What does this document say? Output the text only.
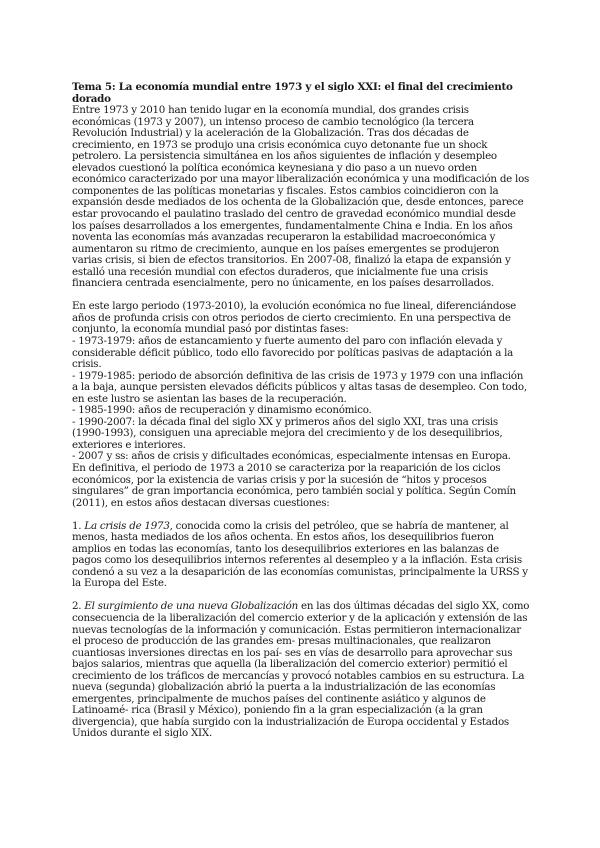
Tema 5: La economía mundial entre 1973 y el siglo XXI: el final del crecimiento dorado

Entre 1973 y 2010 han tenido lugar en la economía mundial, dos grandes crisis económicas (1973 y 2007), un intenso proceso de cambio tecnológico (la tercera Revolución Industrial) y la aceleración de la Globalización. Tras dos décadas de crecimiento, en 1973 se produjo una crisis económica cuyo detonante fue un shock petrolero. La persistencia simultánea en los años siguientes de inflación y desempleo elevados cuestionó la política económica keynesiana y dio paso a un nuevo orden económico caracterizado por una mayor liberalización económica y una modificación de los componentes de las políticas monetarias y fiscales. Estos cambios coincidieron con la expansión desde mediados de los ochenta de la Globalización que, desde entonces, parece estar provocando el paulatino traslado del centro de gravedad económico mundial desde los países desarrollados a los emergentes, fundamentalmente China e India. En los años noventa las economías más avanzadas recuperaron la estabilidad macroeconómica y aumentaron su ritmo de crecimiento, aunque en los países emergentes se produjeron varias crisis, si bien de efectos transitorios. En 2007-08, finalizó la etapa de expansión y estalló una recesión mundial con efectos duraderos, que inicialmente fue una crisis financiera centrada esencialmente, pero no únicamente, en los países desarrollados.

En este largo periodo (1973-2010), la evolución económica no fue lineal, diferenciándose años de profunda crisis con otros periodos de cierto crecimiento. En una perspectiva de conjunto, la economía mundial pasó por distintas fases:

- 1973-1979: años de estancamiento y fuerte aumento del paro con inflación elevada y considerable déficit público, todo ello favorecido por políticas pasivas de adaptación a la crisis.

- 1979-1985: periodo de absorción definitiva de las crisis de 1973 y 1979 con una inflación a la baja, aunque persisten elevados déficits públicos y altas tasas de desempleo. Con todo, en este lustro se asientan las bases de la recuperación.

- 1985-1990: años de recuperación y dinamismo económico.

- 1990-2007: la década final del siglo XX y primeros años del siglo XXI, tras una crisis (1990-1993), consiguen una apreciable mejora del crecimiento y de los desequilibrios, exteriores e interiores.

- 2007 y ss: años de crisis y dificultades económicas, especialmente intensas en Europa.

En definitiva, el periodo de 1973 a 2010 se caracteriza por la reaparición de los ciclos económicos, por la existencia de varias crisis y por la sucesión de “hitos y procesos singulares” de gran importancia económica, pero también social y política. Según Comín (2011), en estos años destacan diversas cuestiones:

1. La crisis de 1973, conocida como la crisis del petróleo, que se habría de mantener, al menos, hasta mediados de los años ochenta. En estos años, los desequilibrios fueron amplios en todas las economías, tanto los desequilibrios exteriores en las balanzas de pagos como los desequilibrios internos referentes al desempleo y a la inflación. Esta crisis condenó a su vez a la desaparición de las economías comunistas, principalmente la URSS y la Europa del Este.

2. El surgimiento de una nueva Globalización en las dos últimas décadas del siglo XX, como consecuencia de la liberalización del comercio exterior y de la aplicación y extensión de las nuevas tecnologías de la información y comunicación. Estas permitieron internacionalizar el proceso de producción de las grandes em- presas multinacionales, que realizaron cuantiosas inversiones directas en los paí- ses en vías de desarrollo para aprovechar sus bajos salarios, mientras que aquella (la liberalización del comercio exterior) permitió el crecimiento de los tráficos de mercancías y provocó notables cambios en su estructura. La nueva (segunda) globalización abrió la puerta a la industrialización de las economías emergentes, principalmente de muchos países del continente asiático y algunos de Latinoamé- rica (Brasil y México), poniendo fin a la gran especialización (a la gran divergencia), que había surgido con la industrialización de Europa occidental y Estados Unidos durante el siglo XIX.
